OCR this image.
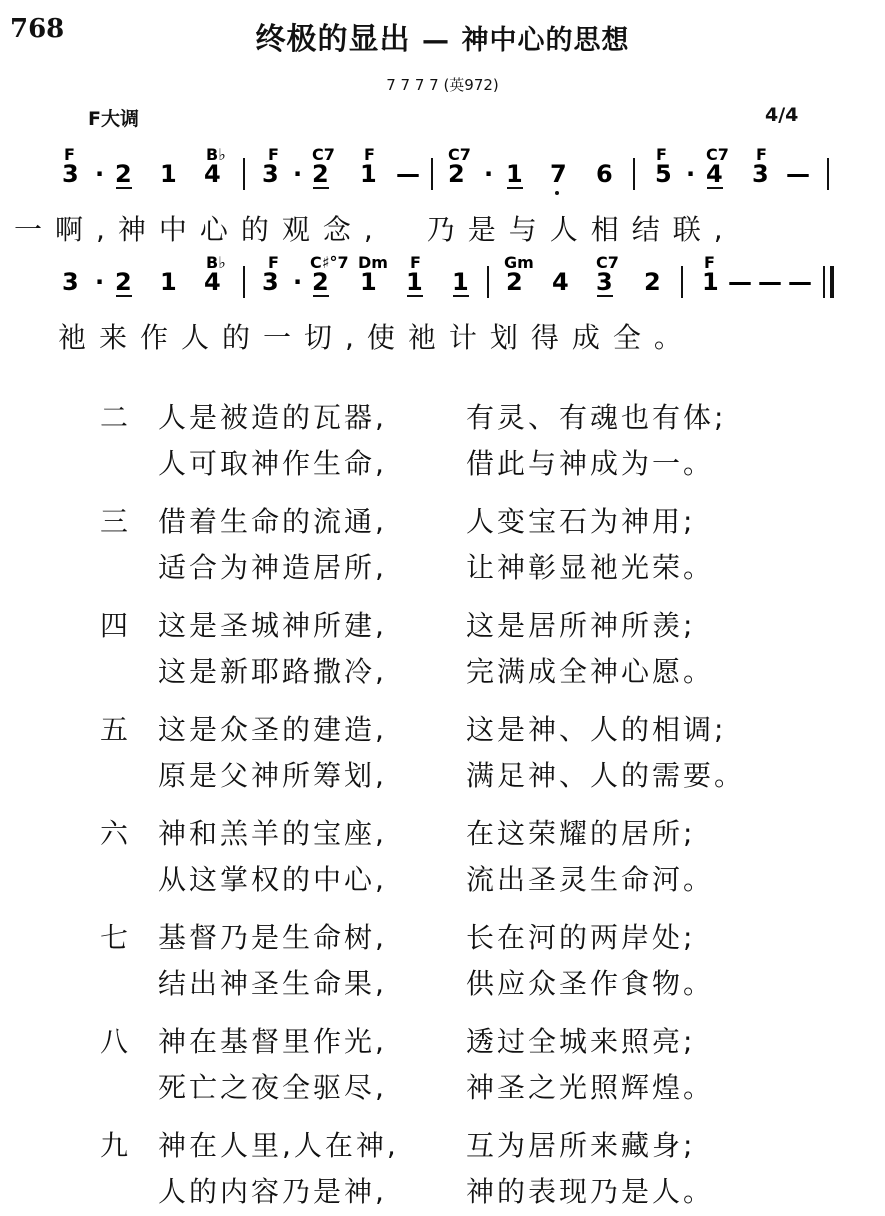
768	终极的显出 — 神中心的思想
7 7 7 7 (英972)
F大调	4/4
F	B♭	F C7 F	C7	F C7 F
3 · 2 1 4 3 · 2 1 — 2 · 1 7 6 5 · 4 3 —
一啊,神中心的观念,　乃是与人相结联,
B♭	F C♯°7 Dm F	Gm	C7	F
3 · 2 1 4 3 · 2 1 1 1 2 4 3 2 1 — — —
祂来作人的一切,使祂计划得成全。
二 人是被造的瓦器,	有灵、有魂也有体;
人可取神作生命,	借此与神成为一。
三 借着生命的流通,	人变宝石为神用;
适合为神造居所,	让神彰显祂光荣。
四 这是圣城神所建,	这是居所神所羡;
这是新耶路撒冷,	完满成全神心愿。
五 这是众圣的建造,	这是神、人的相调;
原是父神所筹划,	满足神、人的需要。
六 神和羔羊的宝座,	在这荣耀的居所;
从这掌权的中心,	流出圣灵生命河。
七 基督乃是生命树,	长在河的两岸处;
结出神圣生命果,	供应众圣作食物。
八 神在基督里作光,	透过全城来照亮;
死亡之夜全驱尽,	神圣之光照辉煌。
九 神在人里,人在神, 互为居所来藏身;
人的内容乃是神,	神的表现乃是人。
